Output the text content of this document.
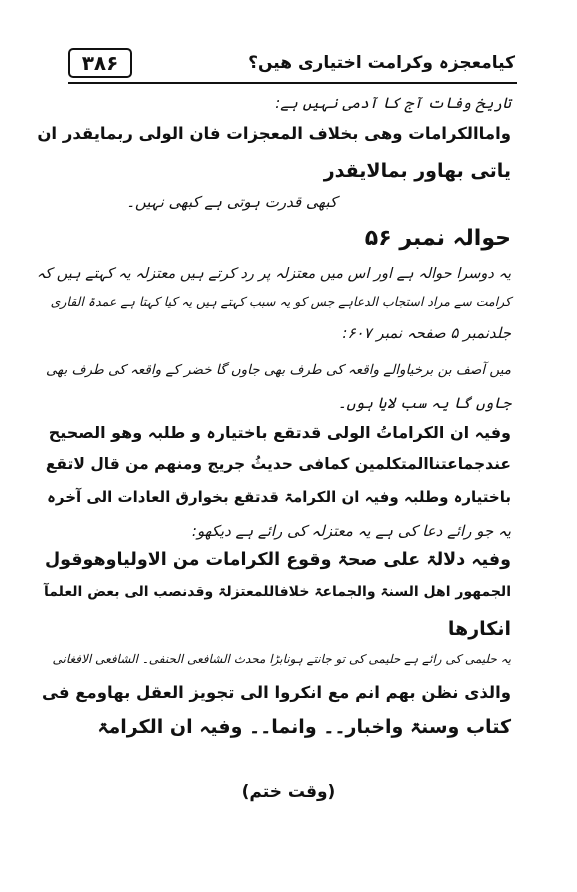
۳۸۶	کیامعجزہ وکرامت اختیاری ھیں؟
تاریخ وفات آج کا آدمی نہیں ہے:
واماالکرامات وھی بخلاف المعجزات فان الولی ربمایقدر ان
یاتی بھاور بمالایقدر
کبھی قدرت ہوتی ہے کبھی نہیں۔
حوالہ نمبر ۵۶
یہ دوسرا حوالہ ہے اور اس میں معتزلہ پر رد کرتے ہیں معتزلہ یہ کہتے ہیں کہ
کرامت سے مراد استجاب الدعاہے جس کو یہ سبب کہتے ہیں یہ کیا کہتا ہے عمدۃ القاری
جلدنمبر ۵ صفحہ نمبر ۶۰۷:
میں آصف بن برخیاوالے واقعہ کی طرف بھی جاوں گا خضر کے واقعہ کی طرف بھی
جاوں گا یہ سب لایا ہوں۔
وفیہ ان الکراماتُ الولی قدتقع باختیارہ و طلبہ وھو الصحیح
عندجماعتناالمتکلمین کمافی حدیثُ جریج ومنھم من قال لاتقع
باختیارہ وطلبہ وفیہ ان الکرامۃ قدتقع بخوارق العادات الی آخرہ
یہ جو رائے دعا کی ہے یہ معتزلہ کی رائے ہے دیکھو:
وفیہ دلالۃ علی صحۃ وقوع الکرامات من الاولیاوھوقول
الجمھور اھل السنۃ والجماعۃ خلافاللمعتزلۃ وقدنصب الی بعض العلمآ
انکارھا
یہ حلیمی کی رائے ہے حلیمی کی تو جانتے ہونابڑا محدث الشافعی الحنفی۔ الشافعی الافغانی
والذی نظن بھم انم مع انکروا الی تجویز العقل بھاومع فی
کتاب وسنۃ واخبار۔۔ وانما۔۔ وفیہ ان الکرامۃ
(وقت ختم)
